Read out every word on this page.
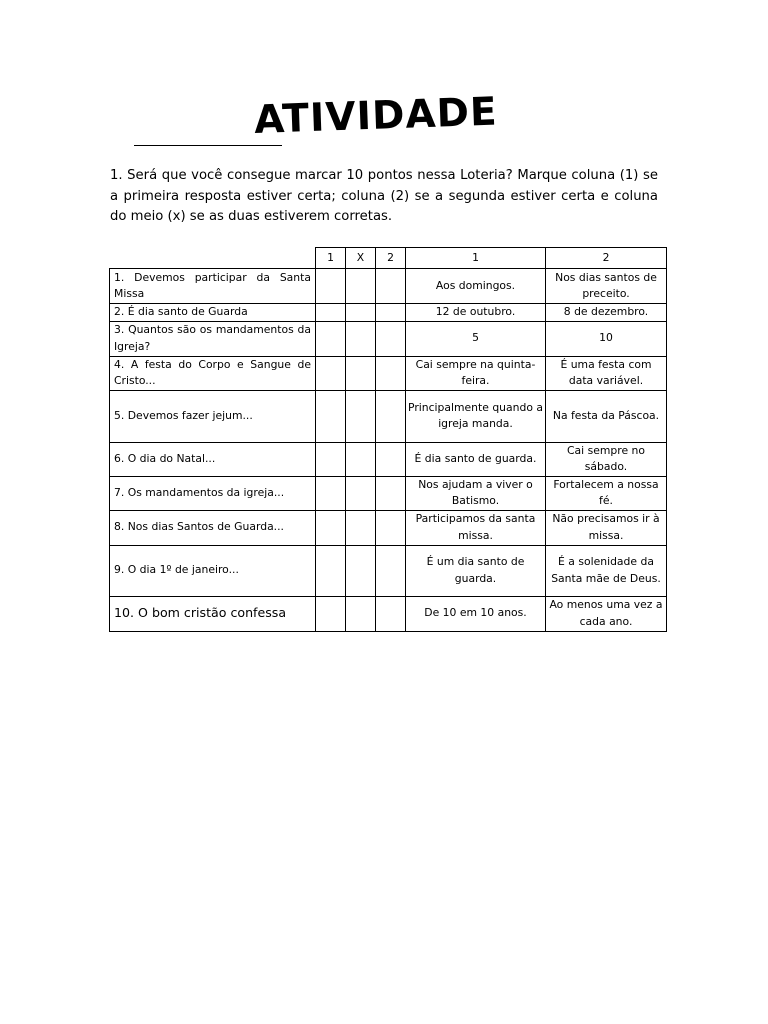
ATIVIDADE
1. Será que você consegue marcar 10 pontos nessa Loteria? Marque coluna (1) se a primeira resposta estiver certa; coluna (2) se a segunda estiver certa e coluna do meio (x) se as duas estiverem corretas.
	1	X	2	1	2
1. Devemos participar da Santa Missa				Aos domingos.	Nos dias santos de preceito.
2. É dia santo de Guarda				12 de outubro.	8 de dezembro.
3. Quantos são os mandamentos da Igreja?				5	10
4. A festa do Corpo e Sangue de Cristo...				Cai sempre na quinta-feira.	É uma festa com data variável.
5. Devemos fazer jejum...				Principalmente quando a igreja manda.	Na festa da Páscoa.
6. O dia do Natal...				É dia santo de guarda.	Cai sempre no sábado.
7. Os mandamentos da igreja...				Nos ajudam a viver o Batismo.	Fortalecem a nossa fé.
8. Nos dias Santos de Guarda...				Participamos da santa missa.	Não precisamos ir à missa.
9. O dia 1º de janeiro...				É um dia santo de guarda.	É a solenidade da Santa mãe de Deus.
10. O bom cristão confessa				De 10 em 10 anos.	Ao menos uma vez a cada ano.
